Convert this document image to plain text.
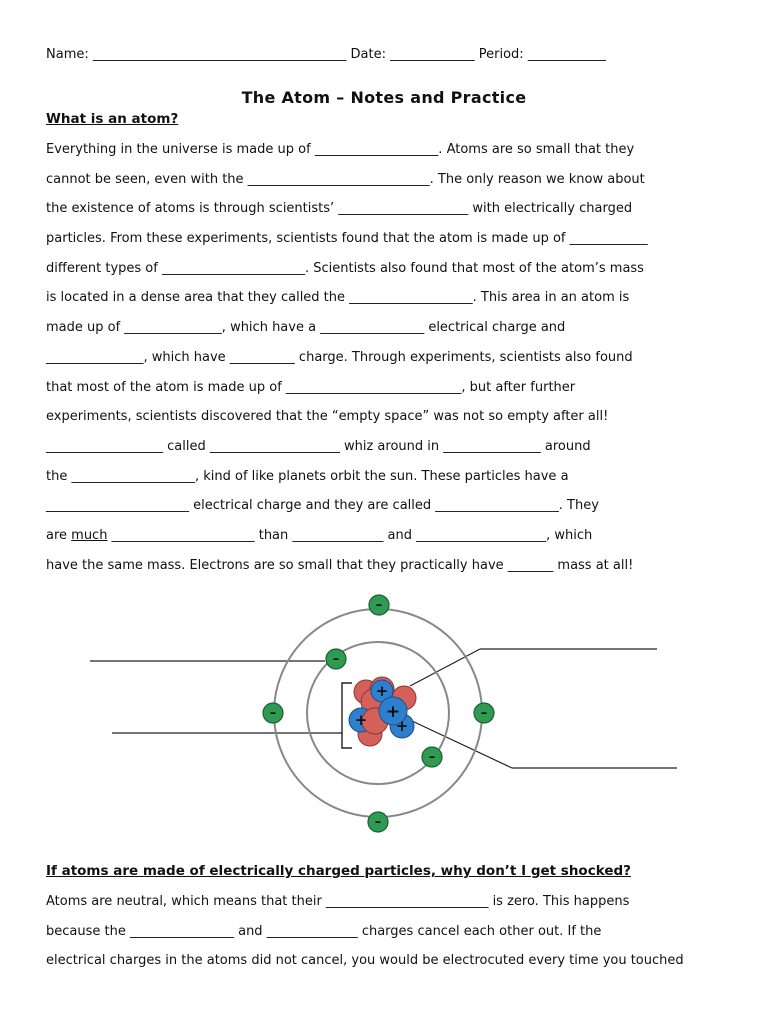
Name: _______________________________________ Date: _____________ Period: ____________
The Atom – Notes and Practice
What is an atom?
Everything in the universe is made up of ___________________. Atoms are so small that they
cannot be seen, even with the ____________________________. The only reason we know about
the existence of atoms is through scientists’ ____________________ with electrically charged
particles. From these experiments, scientists found that the atom is made up of ____________
different types of ______________________. Scientists also found that most of the atom’s mass
is located in a dense area that they called the ___________________. This area in an atom is
made up of _______________, which have a ________________ electrical charge and
_______________, which have __________ charge. Through experiments, scientists also found
that most of the atom is made up of ___________________________, but after further
experiments, scientists discovered that the “empty space” was not so empty after all!
__________________ called ____________________ whiz around in _______________ around
the ___________________, kind of like planets orbit the sun. These particles have a
______________________ electrical charge and they are called ___________________. They
are much ______________________ than ______________ and ____________________, which
have the same mass. Electrons are so small that they practically have _______ mass at all!
+
+ +
+
–
–
–	–
–
–
If atoms are made of electrically charged particles, why don’t I get shocked?
Atoms are neutral, which means that their _________________________ is zero. This happens
because the ________________ and ______________ charges cancel each other out. If the
electrical charges in the atoms did not cancel, you would be electrocuted every time you touched
